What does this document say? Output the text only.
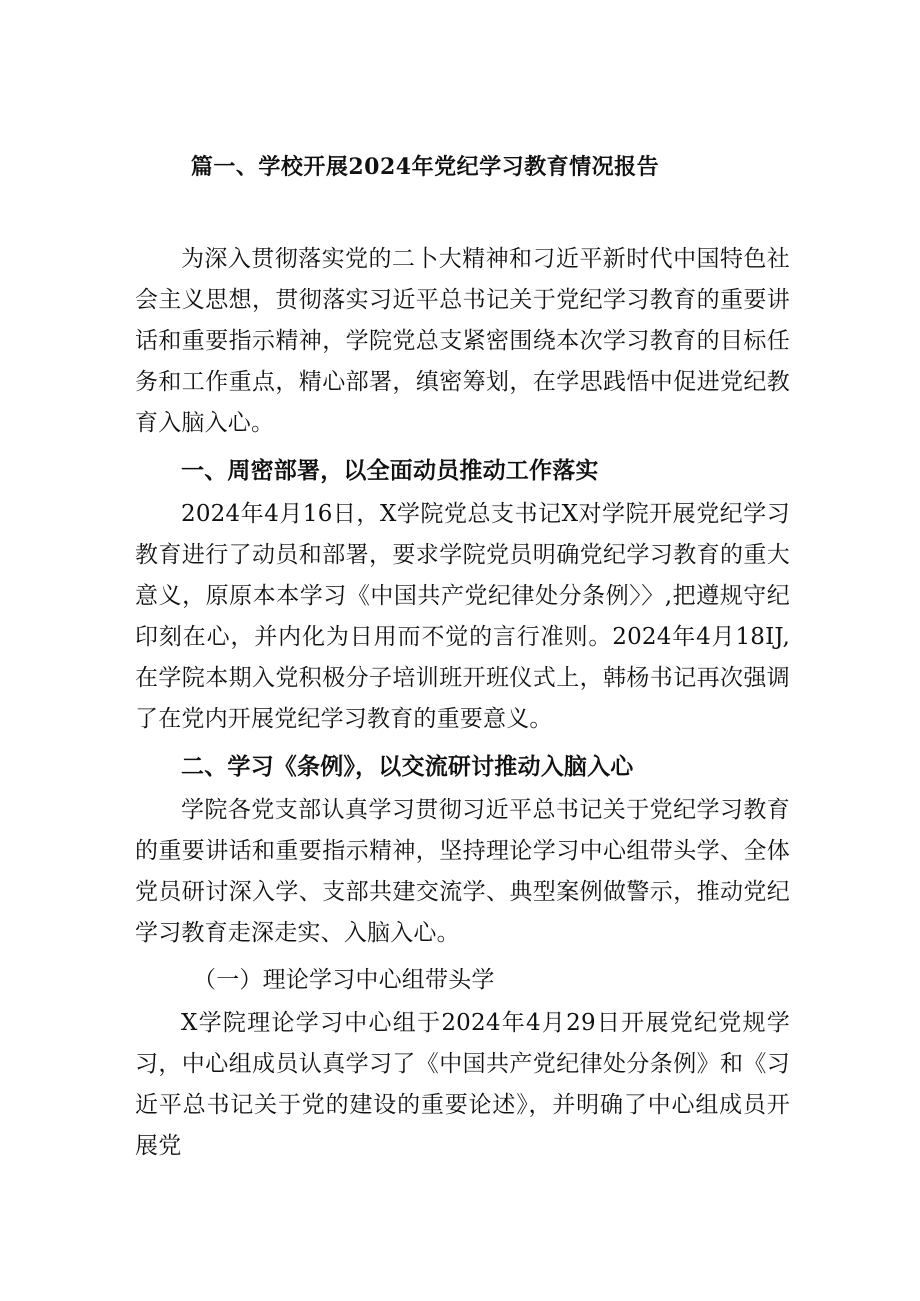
篇一、学校开展2024年党纪学习教育情况报告

为深入贯彻落实党的二卜大精神和刁近平新时代中国特色社会主义思想，贯彻落实习近平总书记关于党纪学习教育的重要讲话和重要指示精神，学院党总支紧密围绕本次学习教育的目标任务和工作重点，精心部署，缜密筹划，在学思践悟中促进党纪教育入脑入心。

一、周密部署，以全面动员推动工作落实

2024年4月16日，X学院党总支书记X对学院开展党纪学习教育进行了动员和部署，要求学院党员明确党纪学习教育的重大意义，原原本本学习《中国共产党纪律处分条例〉〉,把遵规守纪印刻在心，并内化为日用而不觉的言行准则。2024年4月18IJ,在学院本期入党积极分子培训班开班仪式上，韩杨书记再次强调了在党内开展党纪学习教育的重要意义。

二、学习《条例》，以交流研讨推动入脑入心

学院各党支部认真学习贯彻习近平总书记关于党纪学习教育的重要讲话和重要指示精神，坚持理论学习中心组带头学、全体党员研讨深入学、支部共建交流学、典型案例做警示，推动党纪学习教育走深走实、入脑入心。

（一）理论学习中心组带头学

X学院理论学习中心组于2024年4月29日开展党纪党规学习，中心组成员认真学习了《中国共产党纪律处分条例》和《习近平总书记关于党的建设的重要论述》，并明确了中心组成员开展党
